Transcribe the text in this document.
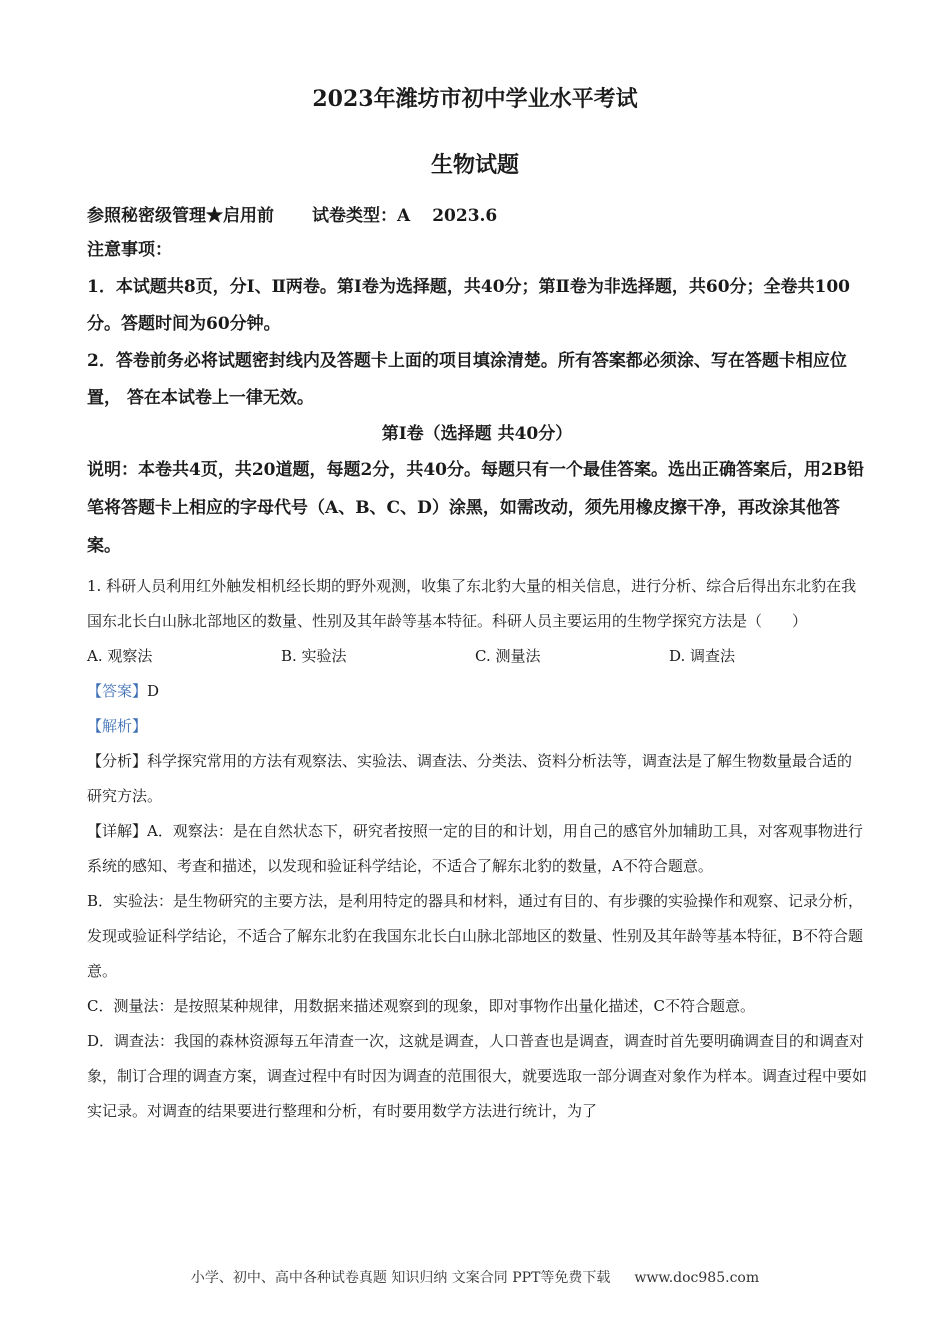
2023年潍坊市初中学业水平考试
生物试题
参照秘密级管理★启用前 试卷类型：A 2023.6
注意事项：
1．本试题共8页，分Ⅰ、Ⅱ两卷。第Ⅰ卷为选择题，共40分；第Ⅱ卷为非选择题，共60分；全卷共100分。答题时间为60分钟。
2．答卷前务必将试题密封线内及答题卡上面的项目填涂清楚。所有答案都必须涂、写在答题卡相应位置， 答在本试卷上一律无效。
第Ⅰ卷（选择题 共40分）
说明：本卷共4页，共20道题，每题2分，共40分。每题只有一个最佳答案。选出正确答案后，用2B铅笔将答题卡上相应的字母代号（A、B、C、D）涂黑，如需改动，须先用橡皮擦干净，再改涂其他答案。
1. 科研人员利用红外触发相机经长期的野外观测，收集了东北豹大量的相关信息，进行分析、综合后得出东北豹在我国东北长白山脉北部地区的数量、性别及其年龄等基本特征。科研人员主要运用的生物学探究方法是（　　）
A. 观察法	B. 实验法	C. 测量法	D. 调查法
【答案】D
【解析】
【分析】科学探究常用的方法有观察法、实验法、调查法、分类法、资料分析法等，调查法是了解生物数量最合适的研究方法。
【详解】A．观察法：是在自然状态下，研究者按照一定的目的和计划，用自己的感官外加辅助工具，对客观事物进行系统的感知、考查和描述，以发现和验证科学结论，不适合了解东北豹的数量，A不符合题意。
B．实验法：是生物研究的主要方法，是利用特定的器具和材料，通过有目的、有步骤的实验操作和观察、记录分析，发现或验证科学结论，不适合了解东北豹在我国东北长白山脉北部地区的数量、性别及其年龄等基本特征，B不符合题意。
C．测量法：是按照某种规律，用数据来描述观察到的现象，即对事物作出量化描述，C不符合题意。
D．调查法：我国的森林资源每五年清查一次，这就是调查，人口普查也是调查，调查时首先要明确调查目的和调查对象，制订合理的调查方案，调查过程中有时因为调查的范围很大，就要选取一部分调查对象作为样本。调查过程中要如实记录。对调查的结果要进行整理和分析，有时要用数学方法进行统计，为了
小学、初中、高中各种试卷真题 知识归纳 文案合同 PPT等免费下载 www.doc985.com
